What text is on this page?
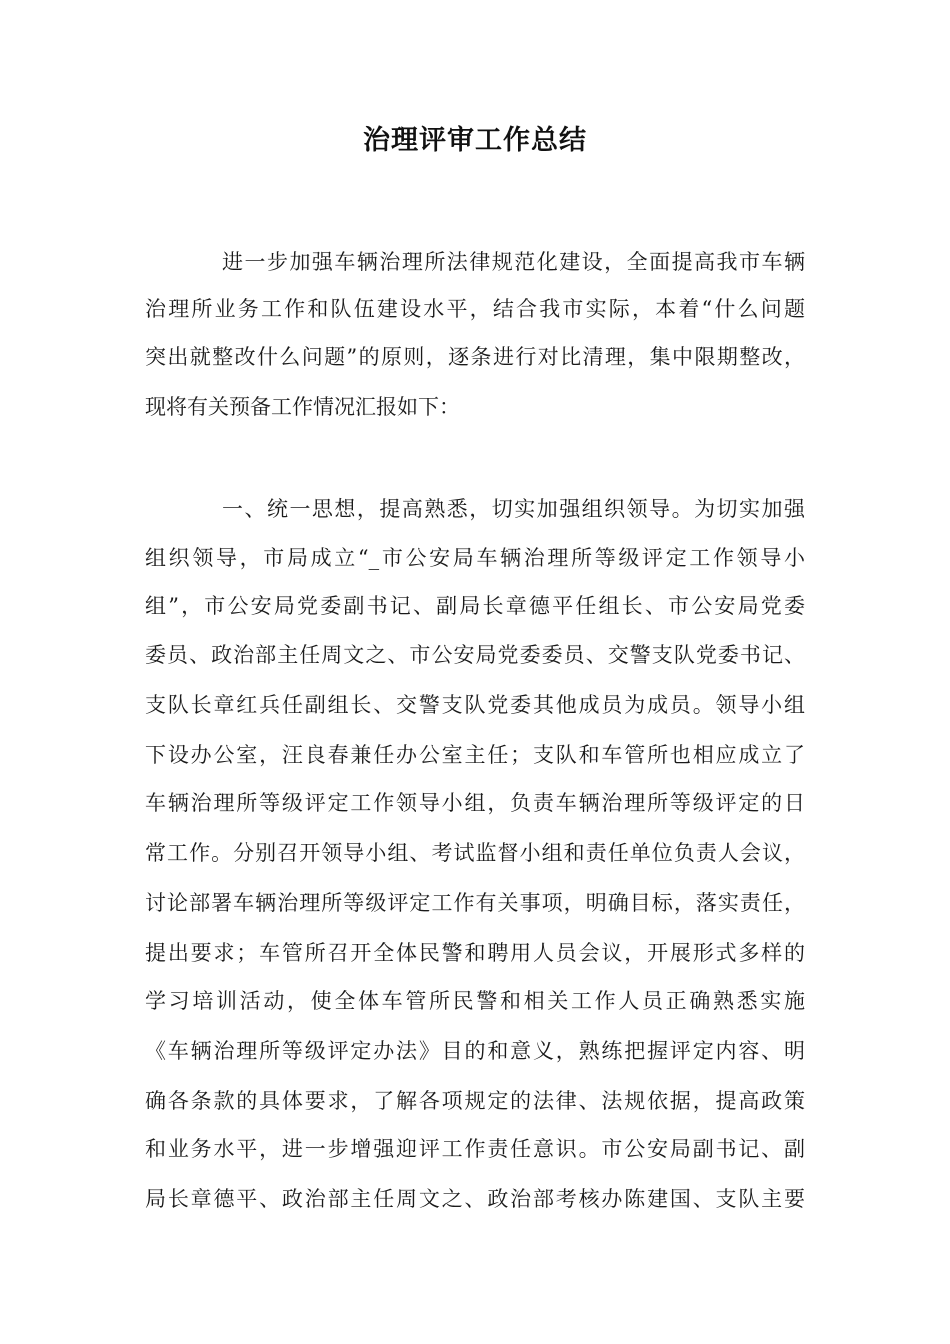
治理评审工作总结

进一步加强车辆治理所法律规范化建设，全面提高我市车辆

治理所业务工作和队伍建设水平，结合我市实际，本着“什么问题

突出就整改什么问题”的原则，逐条进行对比清理，集中限期整改，

现将有关预备工作情况汇报如下：

一、统一思想，提高熟悉，切实加强组织领导。为切实加强

组织领导，市局成立“_市公安局车辆治理所等级评定工作领导小

组”，市公安局党委副书记、副局长章德平任组长、市公安局党委

委员、政治部主任周文之、市公安局党委委员、交警支队党委书记、

支队长章红兵任副组长、交警支队党委其他成员为成员。领导小组

下设办公室，汪良春兼任办公室主任；支队和车管所也相应成立了

车辆治理所等级评定工作领导小组，负责车辆治理所等级评定的日

常工作。分别召开领导小组、考试监督小组和责任单位负责人会议，

讨论部署车辆治理所等级评定工作有关事项，明确目标，落实责任，

提出要求；车管所召开全体民警和聘用人员会议，开展形式多样的

学习培训活动，使全体车管所民警和相关工作人员正确熟悉实施

《车辆治理所等级评定办法》目的和意义，熟练把握评定内容、明

确各条款的具体要求，了解各项规定的法律、法规依据，提高政策

和业务水平，进一步增强迎评工作责任意识。市公安局副书记、副

局长章德平、政治部主任周文之、政治部考核办陈建国、支队主要
